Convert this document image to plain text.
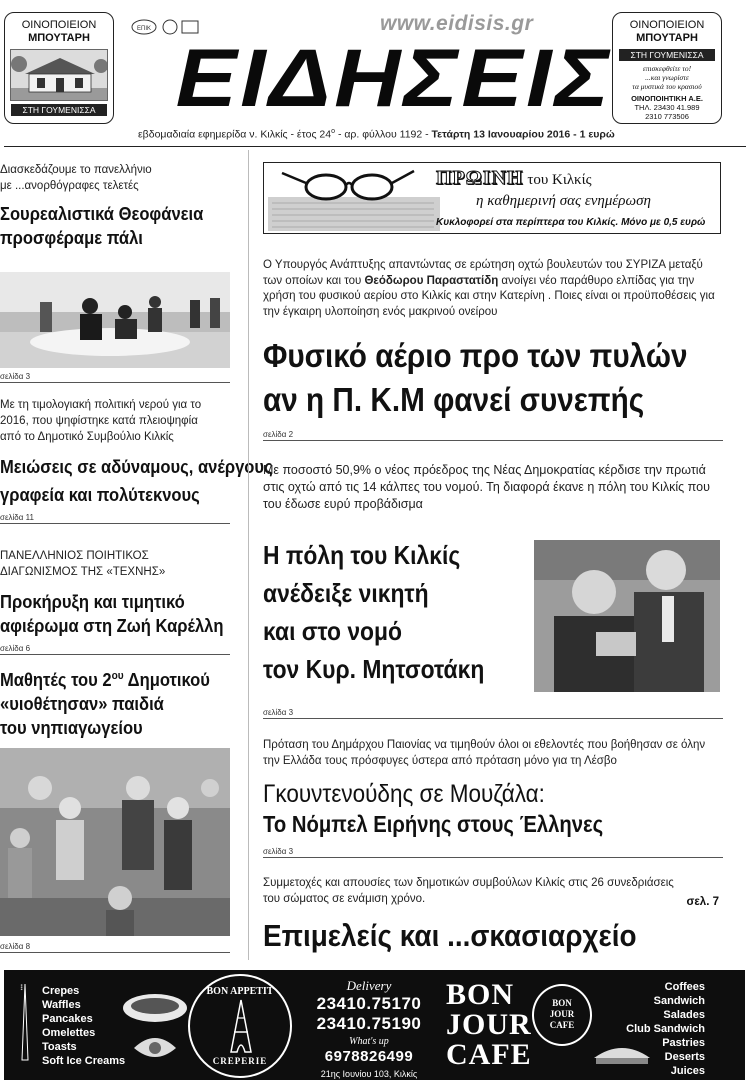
ΟΙΝΟΠΟΙΕΙΟΝ
ΜΠΟΥΤΑΡΗ
ΣΤΗ ΓΟΥΜΕΝΙΣΣΑ
ΕΠΙΚ	www.eidisis.gr
ΕΙΔΗΣΕΙΣ
εβδομαδιαία εφημερίδα ν. Κιλκίς - έτος $24^o$ - αρ. φύλλου 1192 - Τετάρτη 13 Ιανουαρίου 2016 - 1 ευρώ
ΟΙΝΟΠΟΙΕΙΟΝ
ΜΠΟΥΤΑΡΗ
ΣΤΗ ΓΟΥΜΕΝΙΣΣΑ
επισκεφθείτε το!
...και γνωρίστε
τα μυστικά του κρασιού
ΟΙΝΟΠΟΙΗΤΙΚΗ Α.Ε.
ΤΗΛ. 23430 41.989
2310 773506
Διασκεδάζουμε το πανελλήνιο
με ...ανορθόγραφες τελετές
Σουρεαλιστικά Θεοφάνεια
προσφέραμε πάλι
σελίδα 3
Με τη τιμολογιακή πολιτική νερού για το
2016, που ψηφίστηκε κατά πλειοψηφία
από το Δημοτικό Συμβούλιο Κιλκίς
Μειώσεις σε αδύναμους, ανέργους
γραφεία και πολύτεκνους
σελίδα 11
ΠΑΝΕΛΛΗΝΙΟΣ ΠΟΙΗΤΙΚΟΣ
ΔΙΑΓΩΝΙΣΜΟΣ ΤΗΣ «ΤΕΧΝΗΣ»
Προκήρυξη και τιμητικό
αφιέρωμα στη Ζωή Καρέλλη
σελίδα 6
Μαθητές του $2^{o\upsilon}$ Δημοτικού
«υιοθέτησαν» παιδιά
του νηπιαγωγείου
σελίδα 8
ΠΡΩΙΝΗ του Κιλκίς
η καθημερινή σας ενημέρωση
Κυκλοφορεί στα περίπτερα του Κιλκίς. Μόνο με 0,5 ευρώ
Ο Υπουργός Ανάπτυξης απαντώντας σε ερώτηση οχτώ βουλευτών του ΣΥΡΙΖΑ μεταξύ των οποίων και του Θεόδωρου Παραστατίδη ανοίγει νέο παράθυρο ελπίδας για την χρήση του φυσικού αερίου στο Κιλκίς και στην Κατερίνη . Ποιες είναι οι προϋποθέσεις για την έγκαιρη υλοποίηση ενός μακρινού ονείρου
Φυσικό αέριο προ των πυλών
αν η Π. Κ.Μ φανεί συνεπής
σελίδα 2
Με ποσοστό 50,9% ο νέος πρόεδρος της Νέας Δημοκρατίας κέρδισε την πρωτιά στις οχτώ από τις 14 κάλπες του νομού. Τη διαφορά έκανε η πόλη του Κιλκίς που του έδωσε ευρύ προβάδισμα
Η πόλη του Κιλκίς
ανέδειξε νικητή
και στο νομό
τον Κυρ. Μητσοτάκη
σελίδα 3
Πρόταση του Δημάρχου Παιονίας να τιμηθούν όλοι οι εθελοντές που βοήθησαν σε όλην την Ελλάδα τους πρόσφυγες ύστερα από πρόταση μόνο για τη Λέσβο
Γκουντενούδης σε Μουζάλα:
Το Νόμπελ Ειρήνης στους Έλληνες
σελίδα 3
Συμμετοχές και απουσίες των δημοτικών συμβούλων Κιλκίς στις 26 συνεδριάσεις του σώματος σε ενάμιση χρόνο.	σελ. 7
Επιμελείς και ...σκασιαρχείο
••• Crepes
Waffles
Pancakes
Omelettes
Toasts
Soft Ice Creams
BON APPETIT
CREPERIE
Delivery
23410.75170
23410.75190
What's up
6978826499
21ης Ιουνίου 103, Κιλκίς
BON
JOUR
CAFE
BON
JOUR
CAFE
Coffees
Sandwich
Salades
Club Sandwich
Pastries
Deserts
Juices
